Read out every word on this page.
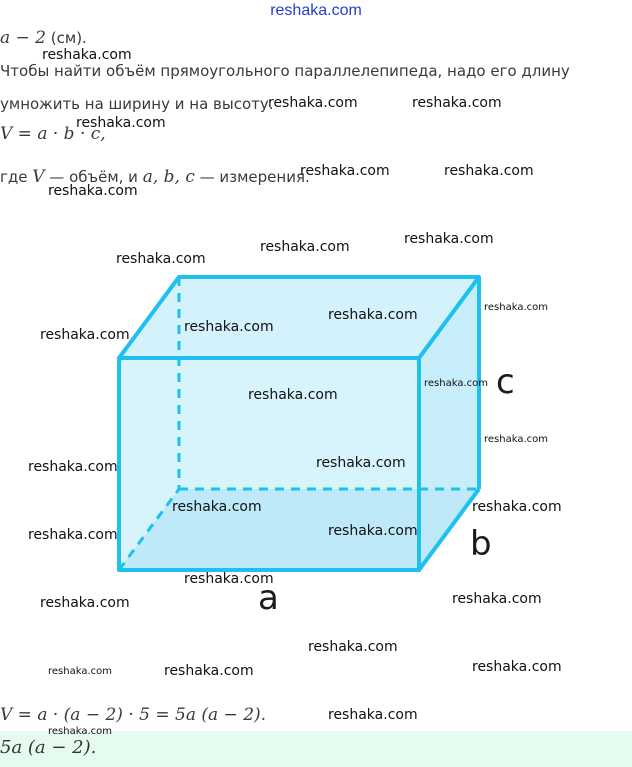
reshaka.com
a − 2 (см).
Чтобы найти объём прямоугольного параллелепипеда, надо его длину
умножить на ширину и на высоту.
V = a · b · c,
где V — объём, и a, b, c — измерения.
a
b
c
V = a · (a − 2) · 5 = 5a (a − 2).
5a (a − 2).
reshaka.com
reshaka.com	reshaka.com
reshaka.com
reshaka.com	reshaka.com
reshaka.com
reshaka.com
reshaka.com
reshaka.com
reshaka.com
reshaka.com
reshaka.com
reshaka.com
reshaka.com
reshaka.com
reshaka.com
reshaka.com
reshaka.com
reshaka.com	reshaka.com
reshaka.com
reshaka.com
reshaka.com
reshaka.com
reshaka.com
reshaka.com
reshaka.com
reshaka.com	reshaka.com
reshaka.com
reshaka.com
